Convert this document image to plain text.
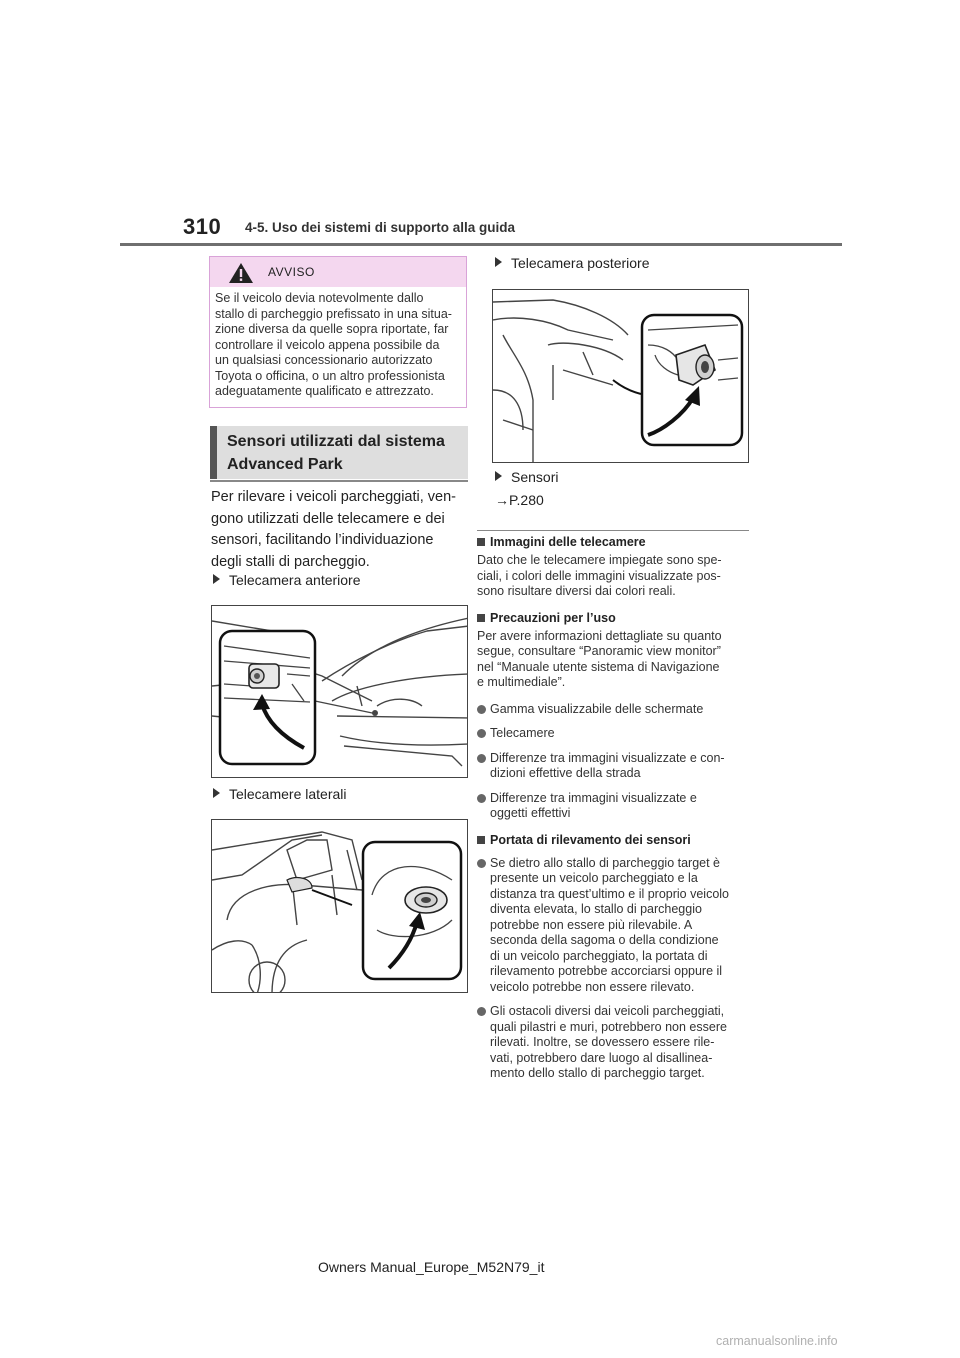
310 4-5. Uso dei sistemi di supporto alla guida
AVVISO
Se il veicolo devia notevolmente dallo
stallo di parcheggio prefissato in una situa-
zione diversa da quelle sopra riportate, far
controllare il veicolo appena possibile da
un qualsiasi concessionario autorizzato
Toyota o officina, o un altro professionista
adeguatamente qualificato e attrezzato.
Sensori utilizzati dal sistema
Advanced Park
Per rilevare i veicoli parcheggiati, ven-
gono utilizzati delle telecamere e dei
sensori, facilitando l’individuazione
degli stalli di parcheggio.
Telecamera anteriore
Telecamere laterali
Telecamera posteriore
Sensori
→P.280
Immagini delle telecamere
Dato che le telecamere impiegate sono spe-
ciali, i colori delle immagini visualizzate pos-
sono risultare diversi dai colori reali.
Precauzioni per l’uso
Per avere informazioni dettagliate su quanto
segue, consultare “Panoramic view monitor”
nel “Manuale utente sistema di Navigazione
e multimediale”.
Gamma visualizzabile delle schermate
Telecamere
Differenze tra immagini visualizzate e con-
dizioni effettive della strada
Differenze tra immagini visualizzate e
oggetti effettivi
Portata di rilevamento dei sensori
Se dietro allo stallo di parcheggio target è
presente un veicolo parcheggiato e la
distanza tra quest’ultimo e il proprio veicolo
diventa elevata, lo stallo di parcheggio
potrebbe non essere più rilevabile. A
seconda della sagoma o della condizione
di un veicolo parcheggiato, la portata di
rilevamento potrebbe accorciarsi oppure il
veicolo potrebbe non essere rilevato.
Gli ostacoli diversi dai veicoli parcheggiati,
quali pilastri e muri, potrebbero non essere
rilevati. Inoltre, se dovessero essere rile-
vati, potrebbero dare luogo al disallinea-
mento dello stallo di parcheggio target.
Owners Manual_Europe_M52N79_it
carmanualsonline.info
